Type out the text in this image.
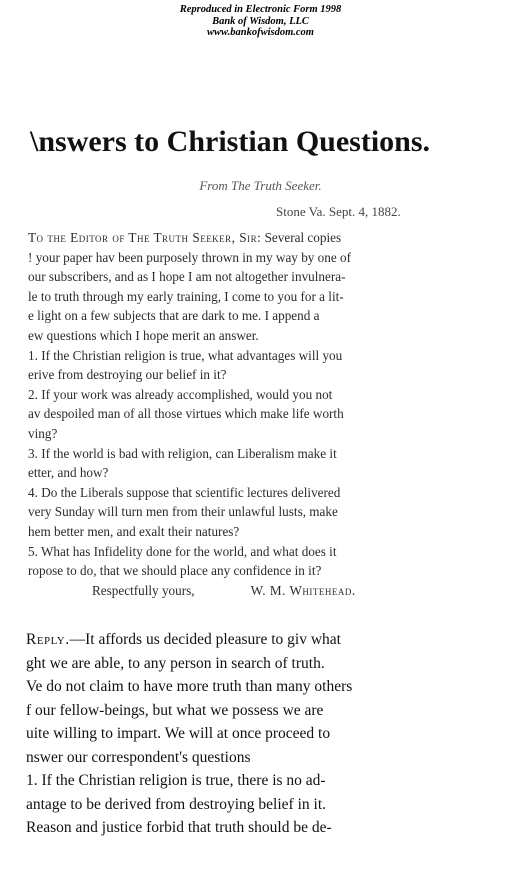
Reproduced in Electronic Form 1998
Bank of Wisdom, LLC
www.bankofwisdom.com
\nswers to Christian Questions.
From The Truth Seeker.
Stone Va. Sept. 4, 1882.
To the Editor of The Truth Seeker, Sir: Several copies
! your paper hav been purposely thrown in my way by one of
our subscribers, and as I hope I am not altogether invulnera-
le to truth through my early training, I come to you for a lit-
e light on a few subjects that are dark to me. I append a
ew questions which I hope merit an answer.
1. If the Christian religion is true, what advantages will you
erive from destroying our belief in it?
2. If your work was already accomplished, would you not
av despoiled man of all those virtues which make life worth
ving?
3. If the world is bad with religion, can Liberalism make it
etter, and how?
4. Do the Liberals suppose that scientific lectures delivered
very Sunday will turn men from their unlawful lusts, make
hem better men, and exalt their natures?
5. What has Infidelity done for the world, and what does it
ropose to do, that we should place any confidence in it?
Respectfully yours,	W. M. Whitehead.
Reply.—It affords us decided pleasure to giv what
ght we are able, to any person in search of truth.
Ve do not claim to have more truth than many others
f our fellow-beings, but what we possess we are
uite willing to impart. We will at once proceed to
nswer our correspondent's questions
1. If the Christian religion is true, there is no ad-
antage to be derived from destroying belief in it.
Reason and justice forbid that truth should be de-
